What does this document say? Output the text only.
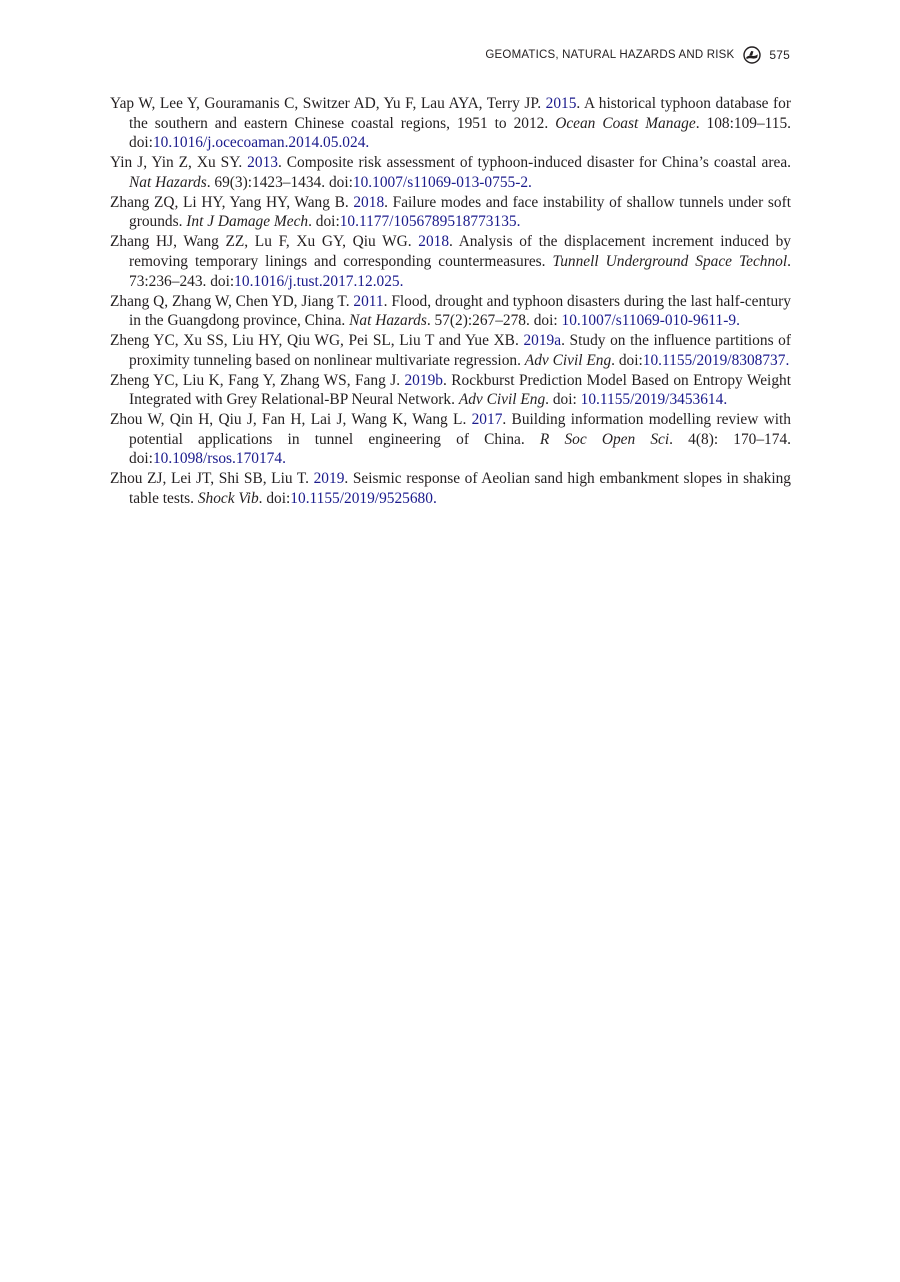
GEOMATICS, NATURAL HAZARDS AND RISK	575

Yap W, Lee Y, Gouramanis C, Switzer AD, Yu F, Lau AYA, Terry JP. 2015. A historical typhoon database for the southern and eastern Chinese coastal regions, 1951 to 2012. Ocean Coast Manage. 108:109–115. doi:10.1016/j.ocecoaman.2014.05.024.

Yin J, Yin Z, Xu SY. 2013. Composite risk assessment of typhoon-induced disaster for China’s coastal area. Nat Hazards. 69(3):1423–1434. doi:10.1007/s11069-013-0755-2.

Zhang ZQ, Li HY, Yang HY, Wang B. 2018. Failure modes and face instability of shallow tunnels under soft grounds. Int J Damage Mech. doi:10.1177/1056789518773135.

Zhang HJ, Wang ZZ, Lu F, Xu GY, Qiu WG. 2018. Analysis of the displacement increment induced by removing temporary linings and corresponding countermeasures. Tunnell Underground Space Technol. 73:236–243. doi:10.1016/j.tust.2017.12.025.

Zhang Q, Zhang W, Chen YD, Jiang T. 2011. Flood, drought and typhoon disasters during the last half-century in the Guangdong province, China. Nat Hazards. 57(2):267–278. doi: 10.1007/s11069-010-9611-9.

Zheng YC, Xu SS, Liu HY, Qiu WG, Pei SL, Liu T and Yue XB. 2019a. Study on the influence partitions of proximity tunneling based on nonlinear multivariate regression. Adv Civil Eng. doi:10.1155/2019/8308737.

Zheng YC, Liu K, Fang Y, Zhang WS, Fang J. 2019b. Rockburst Prediction Model Based on Entropy Weight Integrated with Grey Relational-BP Neural Network. Adv Civil Eng. doi: 10.1155/2019/3453614.

Zhou W, Qin H, Qiu J, Fan H, Lai J, Wang K, Wang L. 2017. Building information modelling review with potential applications in tunnel engineering of China. R Soc Open Sci. 4(8): 170–174. doi:10.1098/rsos.170174.

Zhou ZJ, Lei JT, Shi SB, Liu T. 2019. Seismic response of Aeolian sand high embankment slopes in shaking table tests. Shock Vib. doi:10.1155/2019/9525680.
